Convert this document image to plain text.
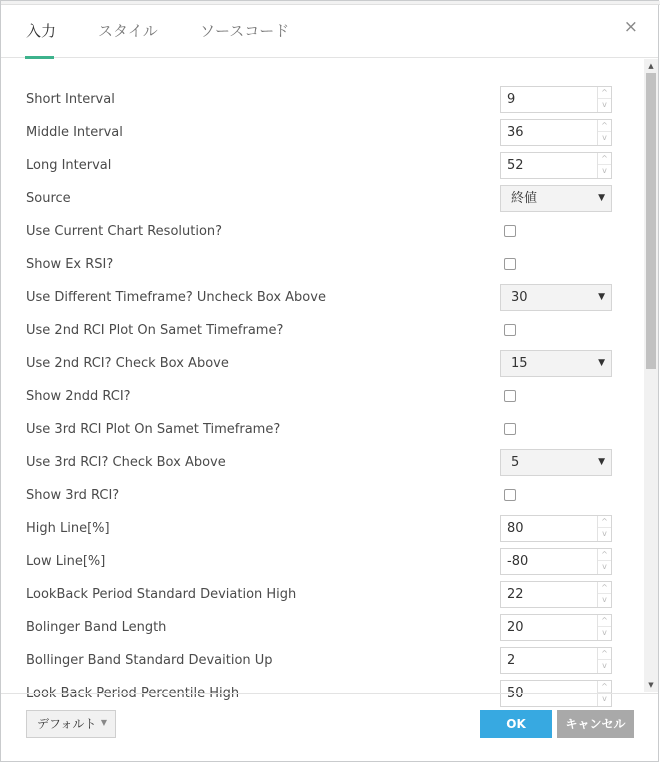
入力	スタイル	ソースコード	×
Short Interval	9	^
v
Middle Interval	36	^
v
Long Interval	52	^
v
Source	終値	▼
Use Current Chart Resolution?
Show Ex RSI?
Use Different Timeframe? Uncheck Box Above	30	▼
Use 2nd RCI Plot On Samet Timeframe?
Use 2nd RCI? Check Box Above	15	▼
Show 2ndd RCI?
Use 3rd RCI Plot On Samet Timeframe?
Use 3rd RCI? Check Box Above	5	▼
Show 3rd RCI?
High Line[%]	80	^
v
Low Line[%]	-80	^
v
LookBack Period Standard Deviation High	22	^
v
Bolinger Band Length	20	^
v
Bollinger Band Standard Devaition Up	2	^
v
Look Back Period Percentile High	50	^
v
▲
▼
デフォルト ▼	OK	キャンセル
